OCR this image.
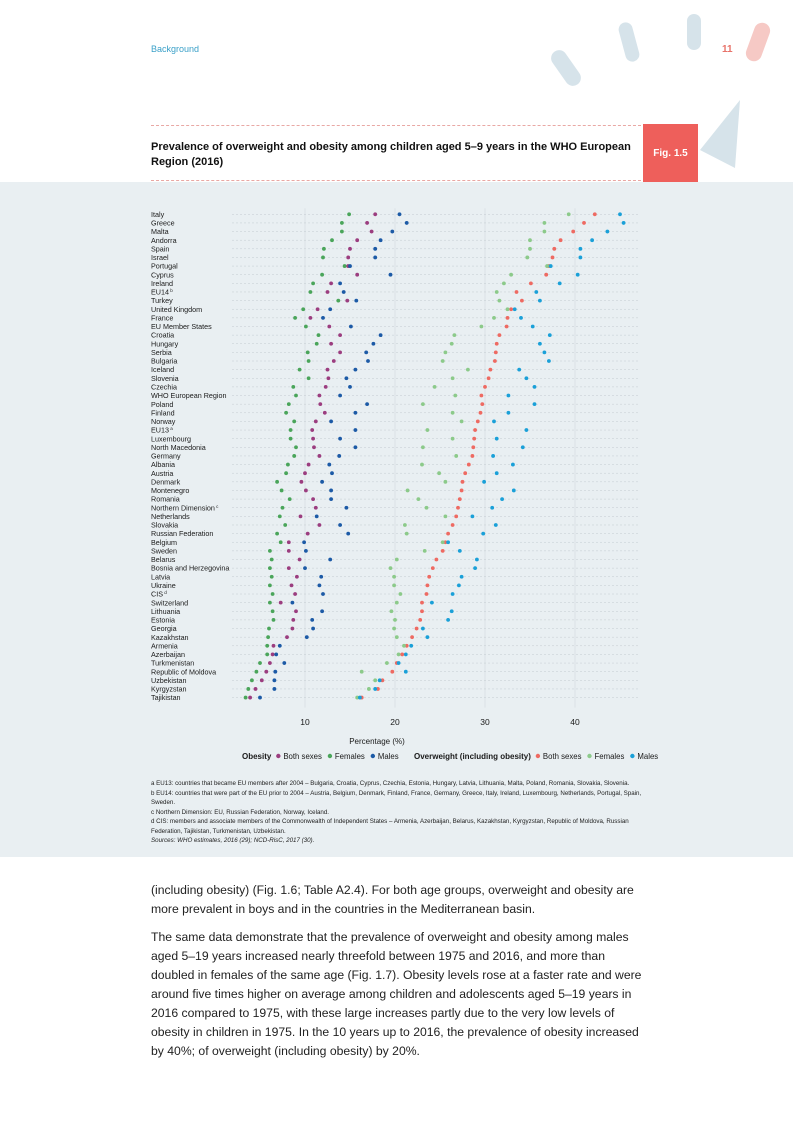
Background	11
Prevalence of overweight and obesity among children aged 5–9 years in the WHO European Region (2016)
Fig. 1.5
Italy
Greece
Malta
Andorra
Spain
Israel
Portugal
Cyprus
Ireland
EU14 $^b$
Turkey
United Kingdom
France
EU Member States
Croatia
Hungary
Serbia
Bulgaria
Iceland
Slovenia
Czechia
WHO European Region
Poland
Finland
Norway
EU13 $^a$
Luxembourg
North Macedonia
Germany
Albania
Austria
Denmark
Montenegro
Romania
Northern Dimension $^c$
Netherlands
Slovakia
Russian Federation
Belgium
Sweden
Belarus
Bosnia and Herzegovina
Latvia
Ukraine
CIS $^d$
Switzerland
Lithuania
Estonia
Georgia
Kazakhstan
Armenia
Azerbaijan
Turkmenistan
Republic of Moldova
Uzbekistan
Kyrgyzstan
Tajikistan
10	20	30	40
Percentage (%)
Obesity Both sexes Females Males Overweight (including obesity) Both sexes Females Males

a EU13: countries that became EU members after 2004 – Bulgaria, Croatia, Cyprus, Czechia, Estonia, Hungary, Latvia, Lithuania, Malta, Poland, Romania, Slovakia, Slovenia.

b EU14: countries that were part of the EU prior to 2004 – Austria, Belgium, Denmark, Finland, France, Germany, Greece, Italy, Ireland, Luxembourg, Netherlands, Portugal, Spain, Sweden.

c Northern Dimension: EU, Russian Federation, Norway, Iceland.

d CIS: members and associate members of the Commonwealth of Independent States – Armenia, Azerbaijan, Belarus, Kazakhstan, Kyrgyzstan, Republic of Moldova, Russian Federation, Tajikistan, Turkmenistan, Uzbekistan.

Sources: WHO estimates, 2016 (29); NCD-RisC, 2017 (30).

(including obesity) (Fig. 1.6; Table A2.4). For both age groups, overweight and obesity are more prevalent in boys and in the countries in the Mediterranean basin.

The same data demonstrate that the prevalence of overweight and obesity among males aged 5–19 years increased nearly threefold between 1975 and 2016, and more than doubled in females of the same age (Fig. 1.7). Obesity levels rose at a faster rate and were around five times higher on average among children and adolescents aged 5–19 years in 2016 compared to 1975, with these large increases partly due to the very low levels of obesity in children in 1975. In the 10 years up to 2016, the prevalence of obesity increased by 40%; of overweight (including obesity) by 20%.
